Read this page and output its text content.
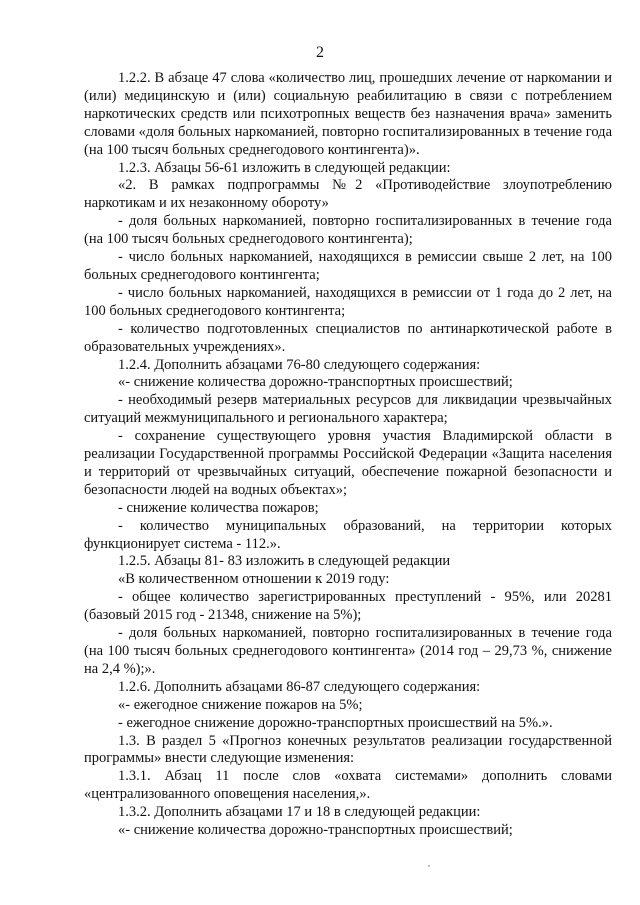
2

1.2.2. В абзаце 47 слова «количество лиц, прошедших лечение от наркомании и (или) медицинскую и (или) социальную реабилитацию в связи с потреблением наркотических средств или психотропных веществ без назначения врача» заменить словами «доля больных наркоманией, повторно госпитализированных в течение года (на 100 тысяч больных среднегодового контингента)».

1.2.3. Абзацы 56-61 изложить в следующей редакции:

«2. В рамках подпрограммы №2 «Противодействие злоупотреблению наркотикам и их незаконному обороту»

- доля больных наркоманией, повторно госпитализированных в течение года (на 100 тысяч больных среднегодового контингента);

- число больных наркоманией, находящихся в ремиссии свыше 2 лет, на 100 больных среднегодового контингента;

- число больных наркоманией, находящихся в ремиссии от 1 года до 2 лет, на 100 больных среднегодового контингента;

- количество подготовленных специалистов по антинаркотической работе в образовательных учреждениях».

1.2.4. Дополнить абзацами 76-80 следующего содержания:

«- снижение количества дорожно-транспортных происшествий;

- необходимый резерв материальных ресурсов для ликвидации чрезвычайных ситуаций межмуниципального и регионального характера;

- сохранение существующего уровня участия Владимирской области в реализации Государственной программы Российской Федерации «Защита населения и территорий от чрезвычайных ситуаций, обеспечение пожарной безопасности и безопасности людей на водных объектах»;

- снижение количества пожаров;

- количество муниципальных образований, на территории которых функционирует система - 112.».

1.2.5. Абзацы 81- 83 изложить в следующей редакции

«В количественном отношении к 2019 году:

- общее количество зарегистрированных преступлений - 95%, или 20281 (базовый 2015 год - 21348, снижение на 5%);

- доля больных наркоманией, повторно госпитализированных в течение года (на 100 тысяч больных среднегодового контингента» (2014 год – 29,73 %, снижение на 2,4 %);».

1.2.6. Дополнить абзацами 86-87 следующего содержания:

«- ежегодное снижение пожаров на 5%;

- ежегодное снижение дорожно-транспортных происшествий на 5%.».

1.3. В раздел 5 «Прогноз конечных результатов реализации государственной программы» внести следующие изменения:

1.3.1. Абзац 11 после слов «охвата системами» дополнить словами «централизованного оповещения населения,».

1.3.2. Дополнить абзацами 17 и 18 в следующей редакции:

«- снижение количества дорожно-транспортных происшествий;

,
